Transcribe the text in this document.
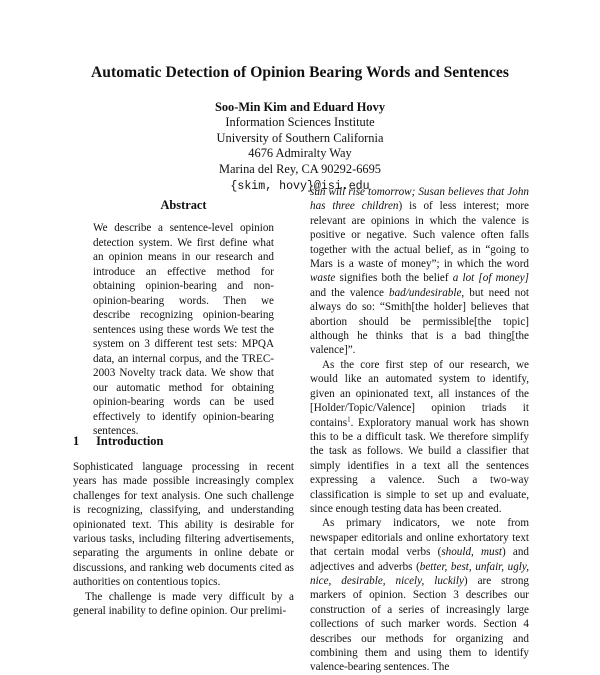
Automatic Detection of Opinion Bearing Words and Sentences
Soo-Min Kim and Eduard Hovy
Information Sciences Institute
University of Southern California
4676 Admiralty Way
Marina del Rey, CA 90292-6695
{skim, hovy}@isi.edu
Abstract

We describe a sentence-level opinion detection system. We first define what an opinion means in our research and introduce an effective method for obtaining opinion-bearing and non-opinion-bearing words. Then we describe recognizing opinion-bearing sentences using these words We test the system on 3 different test sets: MPQA data, an internal corpus, and the TREC-2003 Novelty track data. We show that our automatic method for obtaining opinion-bearing words can be used effectively to identify opinion-bearing sentences.

1 Introduction

Sophisticated language processing in recent years has made possible increasingly complex challenges for text analysis. One such challenge is recognizing, classifying, and understanding opinionated text. This ability is desirable for various tasks, including filtering advertisements, separating the arguments in online debate or discussions, and ranking web documents cited as authorities on contentious topics.

The challenge is made very difficult by a general inability to define opinion. Our prelimi-

sun will rise tomorrow; Susan believes that John has three children) is of less interest; more relevant are opinions in which the valence is positive or negative. Such valence often falls together with the actual belief, as in “going to Mars is a waste of money”; in which the word waste signifies both the belief a lot [of money] and the valence bad/undesirable, but need not always do so: “Smith[the holder] believes that abortion should be permissible[the topic] although he thinks that is a bad thing[the valence]”.

As the core first step of our research, we would like an automated system to identify, given an opinionated text, all instances of the [Holder/Topic/Valence] opinion triads it contains$^1$. Exploratory manual work has shown this to be a difficult task. We therefore simplify the task as follows. We build a classifier that simply identifies in a text all the sentences expressing a valence. Such a two-way classification is simple to set up and evaluate, since enough testing data has been created.

As primary indicators, we note from newspaper editorials and online exhortatory text that certain modal verbs (should, must) and adjectives and adverbs (better, best, unfair, ugly, nice, desirable, nicely, luckily) are strong markers of opinion. Section 3 describes our construction of a series of increasingly large collections of such marker words. Section 4 describes our methods for organizing and combining them and using them to identify valence-bearing sentences. The
